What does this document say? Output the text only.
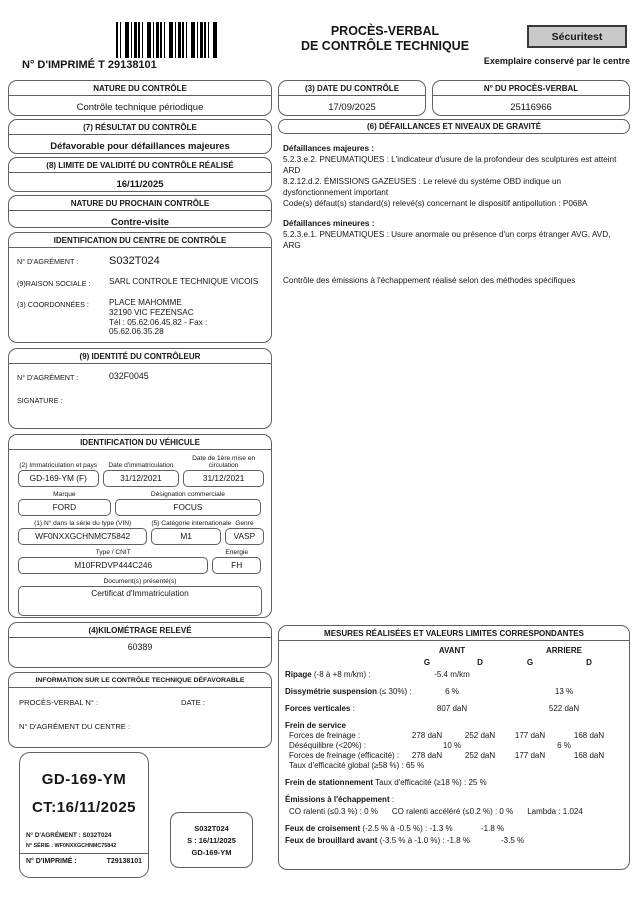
N° D'IMPRIMÉ T 29138101
PROCÈS-VERBAL
DE CONTRÔLE TECHNIQUE
Sécuritest
Exemplaire conservé par le centre
NATURE DU CONTRÔLE
Contrôle technique périodique
(3) DATE DU CONTRÔLE
17/09/2025
N° DU PROCÈS-VERBAL
25116966
(7) RÉSULTAT DU CONTRÔLE
Défavorable pour défaillances majeures
(8) LIMITE DE VALIDITÉ DU CONTRÔLE RÉALISÉ
16/11/2025
NATURE DU PROCHAIN CONTRÔLE
Contre-visite
IDENTIFICATION DU CENTRE DE CONTRÔLE
N° D'AGRÉMENT :	S032T024
(9)RAISON SOCIALE :	SARL CONTROLE TECHNIQUE VICOIS
(3) COORDONNÉES :	PLACE MAHOMME
32190 VIC FEZENSAC
Tél : 05.62.06.45.82 - Fax : 05.62.06.35.28
(9) IDENTITÉ DU CONTRÔLEUR
N° D'AGRÉMENT :	032F0045
SIGNATURE :
IDENTIFICATION DU VÉHICULE
(2) Immatriculation et pays	Date d'immatriculation
Date de 1ère mise en circulation
GD-169-YM (F)	31/12/2021	31/12/2021
Marque	Désignation commerciale
FORD	FOCUS
(1) N° dans la série du type (VIN)	(5) Catégorie internationale Genre
WF0NXXGCHNMC75842	M1	VASP
Type / CNIT	Energie
M10FRDVP444C246	FH
Document(s) présenté(s)
Certificat d'Immatriculation
(4)KILOMÉTRAGE RELEVÉ
60389
INFORMATION SUR LE CONTRÔLE TECHNIQUE DÉFAVORABLE
PROCÈS-VERBAL N° :	DATE :
N° D'AGRÉMENT DU CENTRE :
GD-169-YM
CT:16/11/2025
N° D'AGRÉMENT : S032T024
N° SÉRIE : WF0NXXGCHNMC75842
N° D'IMPRIMÉ :	T29138101
S032T024
S : 16/11/2025
GD-169-YM
(6) DÉFAILLANCES ET NIVEAUX DE GRAVITÉ
Défaillances majeures :
5.2.3.e.2. PNEUMATIQUES : L'indicateur d'usure de la profondeur des sculptures est atteint ARD
8.2.12.d.2. ÉMISSIONS GAZEUSES : Le relevé du système OBD indique un dysfonctionnement important
Code(s) défaut(s) standard(s) relevé(s) concernant le dispositif antipollution : P068A
Défaillances mineures :
5.2.3.e.1. PNEUMATIQUES : Usure anormale ou présence d'un corps étranger AVG, AVD, ARG
Contrôle des émissions à l'échappement réalisé selon des méthodes spécifiques
MESURES RÉALISÉES ET VALEURS LIMITES CORRESPONDANTES
AVANT	ARRIERE
G	D	G	D
Ripage (-8 à +8 m/km) :	-5.4 m/km
Dissymétrie suspension (≤ 30%) :	6 %	13 %
Forces verticales :	807 daN	522 daN
Frein de service
Forces de freinage :	278 daN	252 daN	177 daN	168 daN
Déséquilibre (<20%) :	10 %	6 %
Forces de freinage (efficacité) :	278 daN	252 daN	177 daN	168 daN
Taux d'efficacité global (≥58 %) : 65 %
Frein de stationnement Taux d'efficacité (≥18 %) : 25 %
Émissions à l'échappement :
CO ralenti (≤0.3 %) : 0 % CO ralenti accéléré (≤0.2 %) : 0 % Lambda : 1.024
Feux de croisement (-2.5 % à -0.5 %) : -1.3 %	-1.8 %
Feux de brouillard avant (-3.5 % à -1.0 %) : -1.8 %	-3.5 %
